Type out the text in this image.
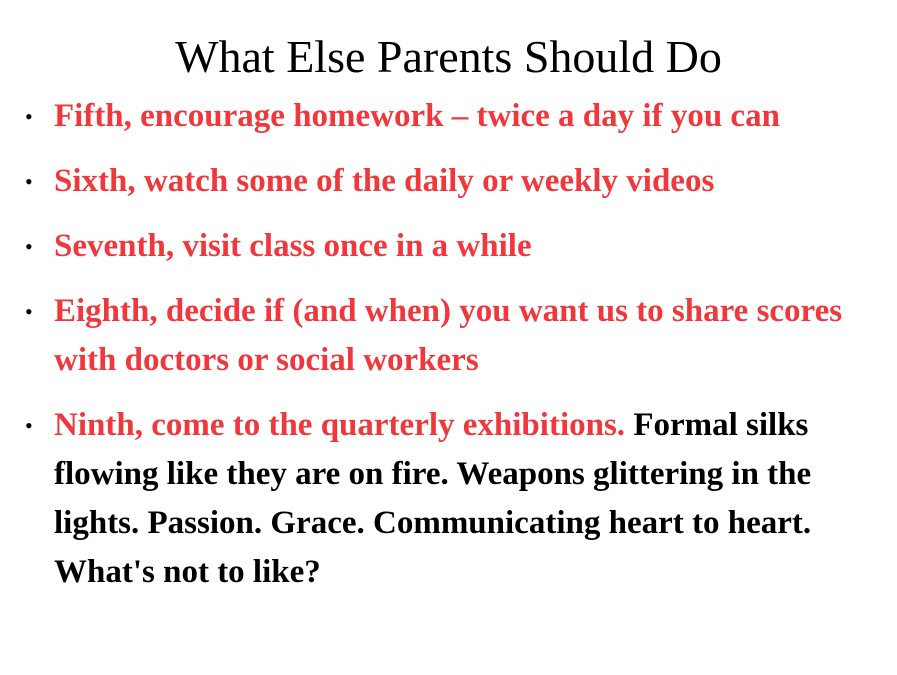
What Else Parents Should Do
• Fifth, encourage homework – twice a day if you can
• Sixth, watch some of the daily or weekly videos
• Seventh, visit class once in a while
• Eighth, decide if (and when) you want us to share scores with doctors or social workers
• Ninth, come to the quarterly exhibitions. Formal silks flowing like they are on fire. Weapons glittering in the lights. Passion. Grace. Communicating heart to heart. What's not to like?
